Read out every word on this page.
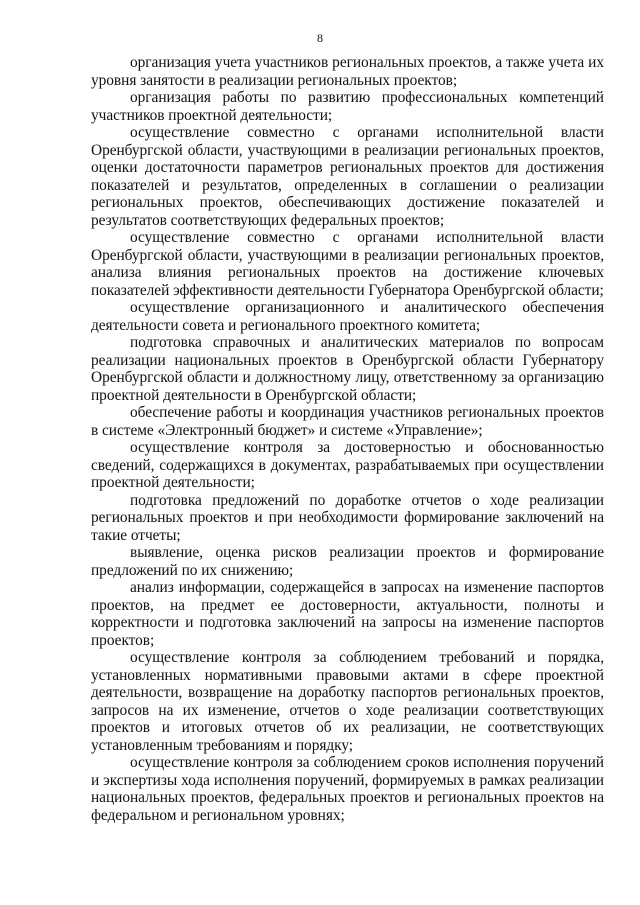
8

организация учета участников региональных проектов, а также учета их уровня занятости в реализации региональных проектов;

организация работы по развитию профессиональных компетенций участников проектной деятельности;

осуществление совместно с органами исполнительной власти Оренбургской области, участвующими в реализации региональных проектов, оценки достаточности параметров региональных проектов для достижения показателей и результатов, определенных в соглашении о реализации региональных проектов, обеспечивающих достижение показателей и результатов соответствующих федеральных проектов;

осуществление совместно с органами исполнительной власти Оренбургской области, участвующими в реализации региональных проектов, анализа влияния региональных проектов на достижение ключевых показателей эффективности деятельности Губернатора Оренбургской области;

осуществление организационного и аналитического обеспечения деятельности совета и регионального проектного комитета;

подготовка справочных и аналитических материалов по вопросам реализации национальных проектов в Оренбургской области Губернатору Оренбургской области и должностному лицу, ответственному за организацию проектной деятельности в Оренбургской области;

обеспечение работы и координация участников региональных проектов в системе «Электронный бюджет» и системе «Управление»;

осуществление контроля за достоверностью и обоснованностью сведений, содержащихся в документах, разрабатываемых при осуществлении проектной деятельности;

подготовка предложений по доработке отчетов о ходе реализации региональных проектов и при необходимости формирование заключений на такие отчеты;

выявление, оценка рисков реализации проектов и формирование предложений по их снижению;

анализ информации, содержащейся в запросах на изменение паспортов проектов, на предмет ее достоверности, актуальности, полноты и корректности и подготовка заключений на запросы на изменение паспортов проектов;

осуществление контроля за соблюдением требований и порядка, установленных нормативными правовыми актами в сфере проектной деятельности, возвращение на доработку паспортов региональных проектов, запросов на их изменение, отчетов о ходе реализации соответствующих проектов и итоговых отчетов об их реализации, не соответствующих установленным требованиям и порядку;

осуществление контроля за соблюдением сроков исполнения поручений и экспертизы хода исполнения поручений, формируемых в рамках реализации национальных проектов, федеральных проектов и региональных проектов на федеральном и региональном уровнях;
